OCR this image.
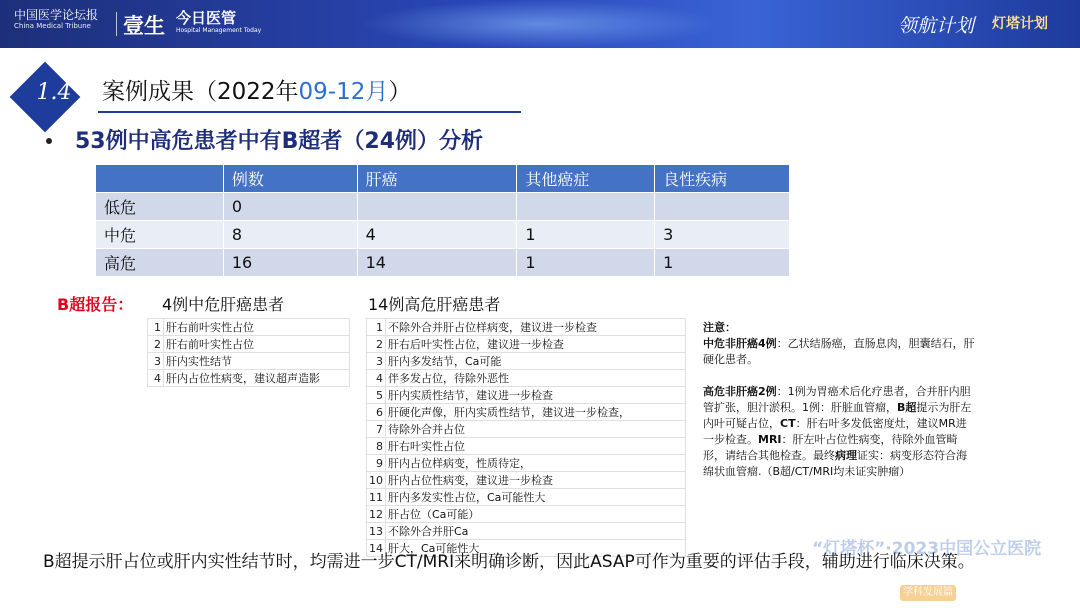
中国医学论坛报
China Medical Tribune	壹生 今日医管
Hospital Management Today	领航计划 灯塔计划
1.4	案例成果（2022年09-12月）
53例中高危患者中有B超者（24例）分析
	例数	肝癌	其他癌症	良性疾病
低危	0			
中危	8	4	1	3
高危	16	14	1	1
B超报告： 4例中危肝癌患者	14例高危肝癌患者
1	肝右前叶实性占位
2	肝右前叶实性占位
3	肝内实性结节
4	肝内占位性病变，建议超声造影
1	不除外合并肝占位样病变，建议进一步检查
2	肝右后叶实性占位，建议进一步检查
3	肝内多发结节，Ca可能
4	伴多发占位，待除外恶性
5	肝内实质性结节，建议进一步检查
6	肝硬化声像，肝内实质性结节，建议进一步检查，
7	待除外合并占位
8	肝右叶实性占位
9	肝内占位样病变，性质待定，
10	肝内占位性病变，建议进一步检查
11	肝内多发实性占位，Ca可能性大
12	肝占位（Ca可能）
13	不除外合并肝Ca
14	肝大，Ca可能性大
注意：
中危非肝癌4例：乙状结肠癌，直肠息肉，胆囊结石，肝硬化患者。
高危非肝癌2例：1例为胃癌术后化疗患者，合并肝内胆管扩张，胆汁淤积。1例：肝脏血管瘤，B超提示为肝左内叶可疑占位，CT：肝右叶多发低密度灶，建议MR进一步检查。MRI：肝左叶占位性病变，待除外血管畸形，请结合其他检查。最终病理证实：病变形态符合海绵状血管瘤.（B超/CT/MRI均未证实肿瘤）
“灯塔杯”·2023中国公立医院
学科发展篇
B超提示肝占位或肝内实性结节时，均需进一步CT/MRI来明确诊断，因此ASAP可作为重要的评估手段，辅助进行临床决策。
